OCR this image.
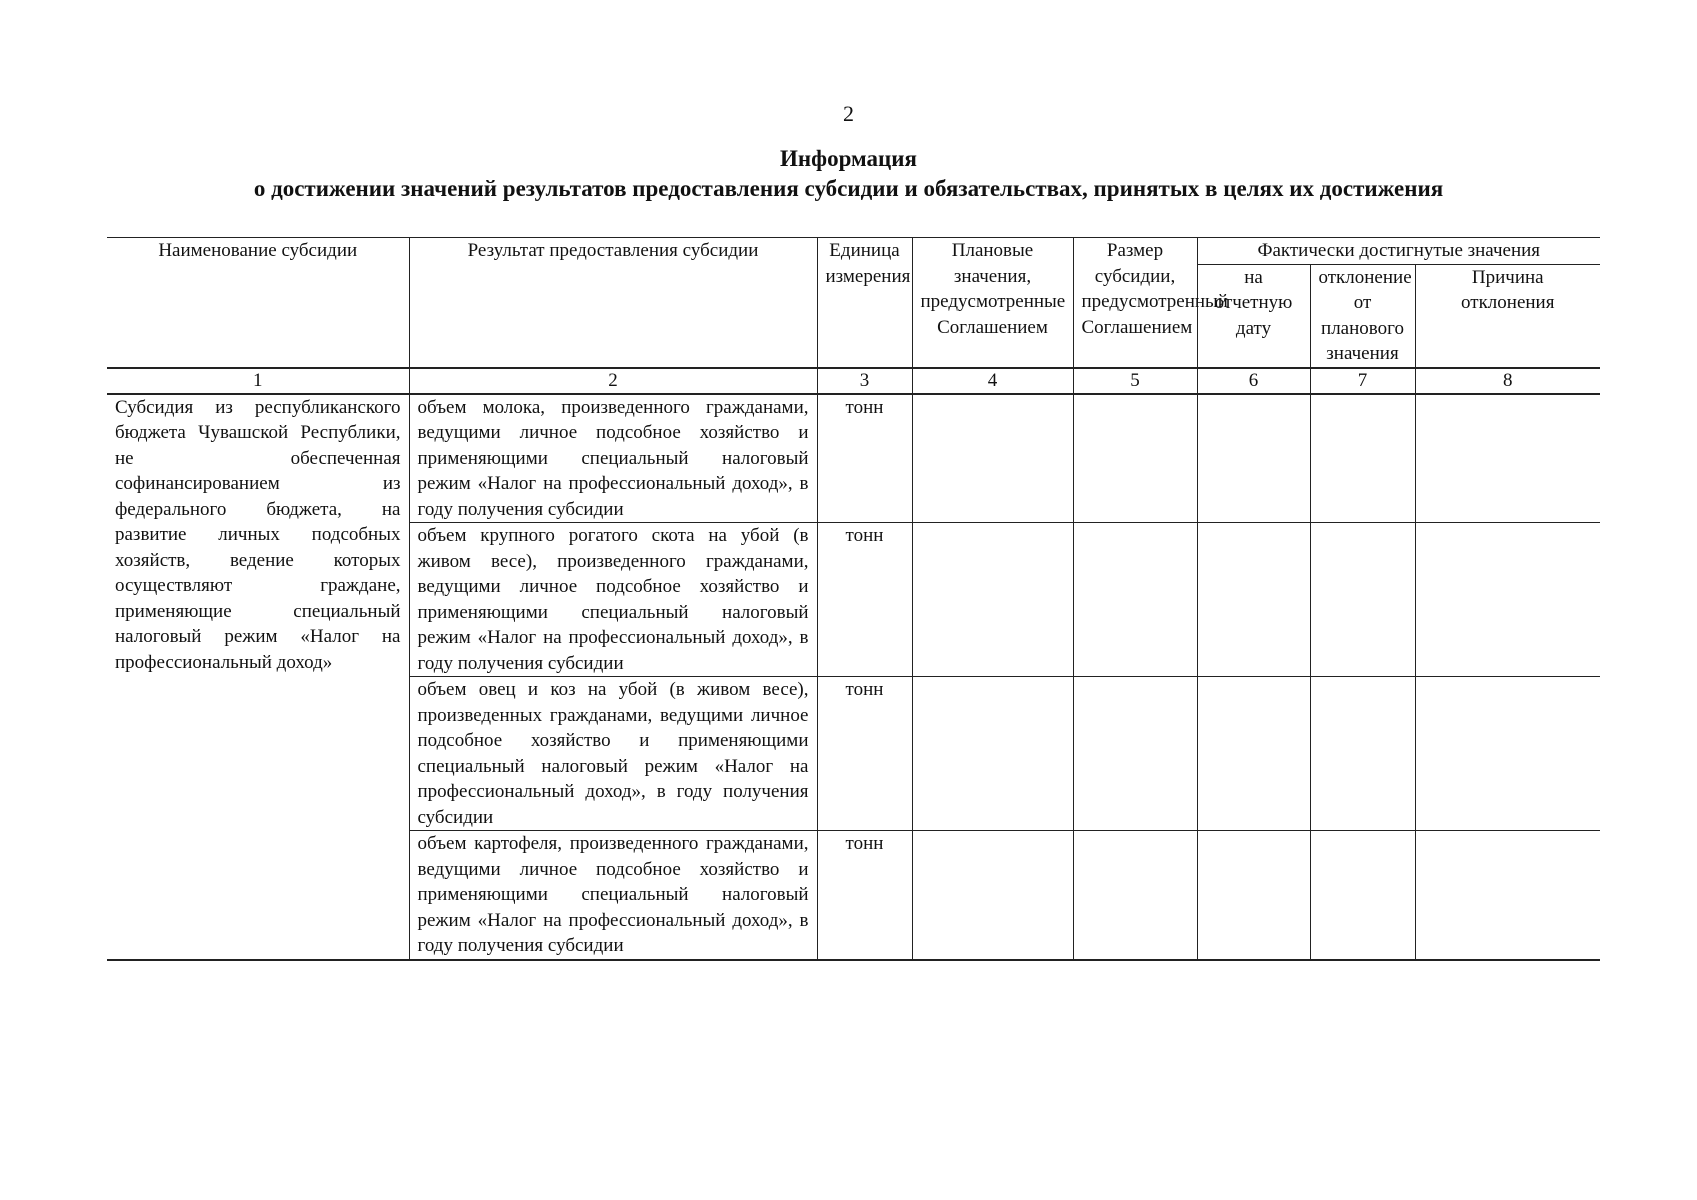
2
Информация
о достижении значений результатов предоставления субсидии и обязательствах, принятых в целях их достижения
Наименование субсидии	Результат предоставления субсидии	Единица измерения	Плановые значения, предусмотренные Соглашением	Размер субсидии, предусмотренный Соглашением	Фактически достигнутые значения		
					на отчетную дату	отклонение от планового значения	Причина отклонения
1	2	3	4	5	6	7	8
Субсидия из республиканского бюджета Чувашской Республики, не обеспеченная софинансированием из федерального бюджета, на развитие личных подсобных хозяйств, ведение которых осуществляют граждане, применяющие специальный налоговый режим «Налог на профессиональный доход»	объем молока, произведенного гражданами, ведущими личное подсобное хозяйство и применяющими специальный налоговый режим «Налог на профессиональный доход», в году получения субсидии	тонн					
	объем крупного рогатого скота на убой (в живом весе), произведенного гражданами, ведущими личное подсобное хозяйство и применяющими специальный налоговый режим «Налог на профессиональный доход», в году получения субсидии	тонн					
	объем овец и коз на убой (в живом весе), произведенных гражданами, ведущими личное подсобное хозяйство и применяющими специальный налоговый режим «Налог на профессиональный доход», в году получения субсидии	тонн					
	объем картофеля, произведенного гражданами, ведущими личное подсобное хозяйство и применяющими специальный налоговый режим «Налог на профессиональный доход», в году получения субсидии	тонн					
